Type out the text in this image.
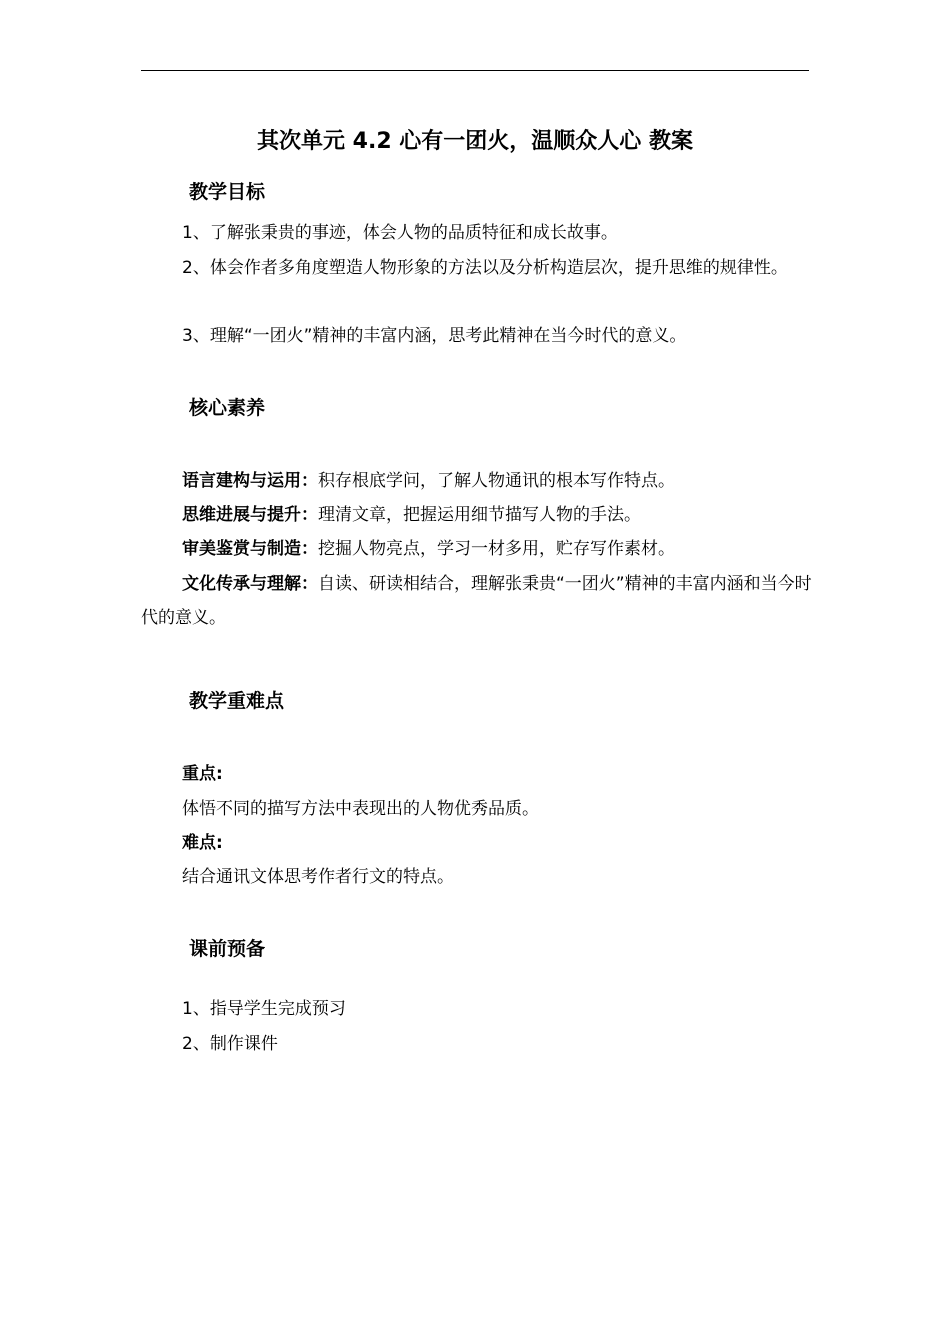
其次单元 4.2 心有一团火，温顺众人心 教案
教学目标
1、了解张秉贵的事迹，体会人物的品质特征和成长故事。
2、体会作者多角度塑造人物形象的方法以及分析构造层次，提升思维的规律性。
3、理解“一团火”精神的丰富内涵，思考此精神在当今时代的意义。
核心素养
语言建构与运用：积存根底学问，了解人物通讯的根本写作特点。
思维进展与提升：理清文章，把握运用细节描写人物的手法。
审美鉴赏与制造：挖掘人物亮点，学习一材多用，贮存写作素材。
文化传承与理解：自读、研读相结合，理解张秉贵“一团火”精神的丰富内涵和当今时代的意义。
教学重难点
重点:
体悟不同的描写方法中表现出的人物优秀品质。
难点:
结合通讯文体思考作者行文的特点。
课前预备
1、指导学生完成预习
2、制作课件
